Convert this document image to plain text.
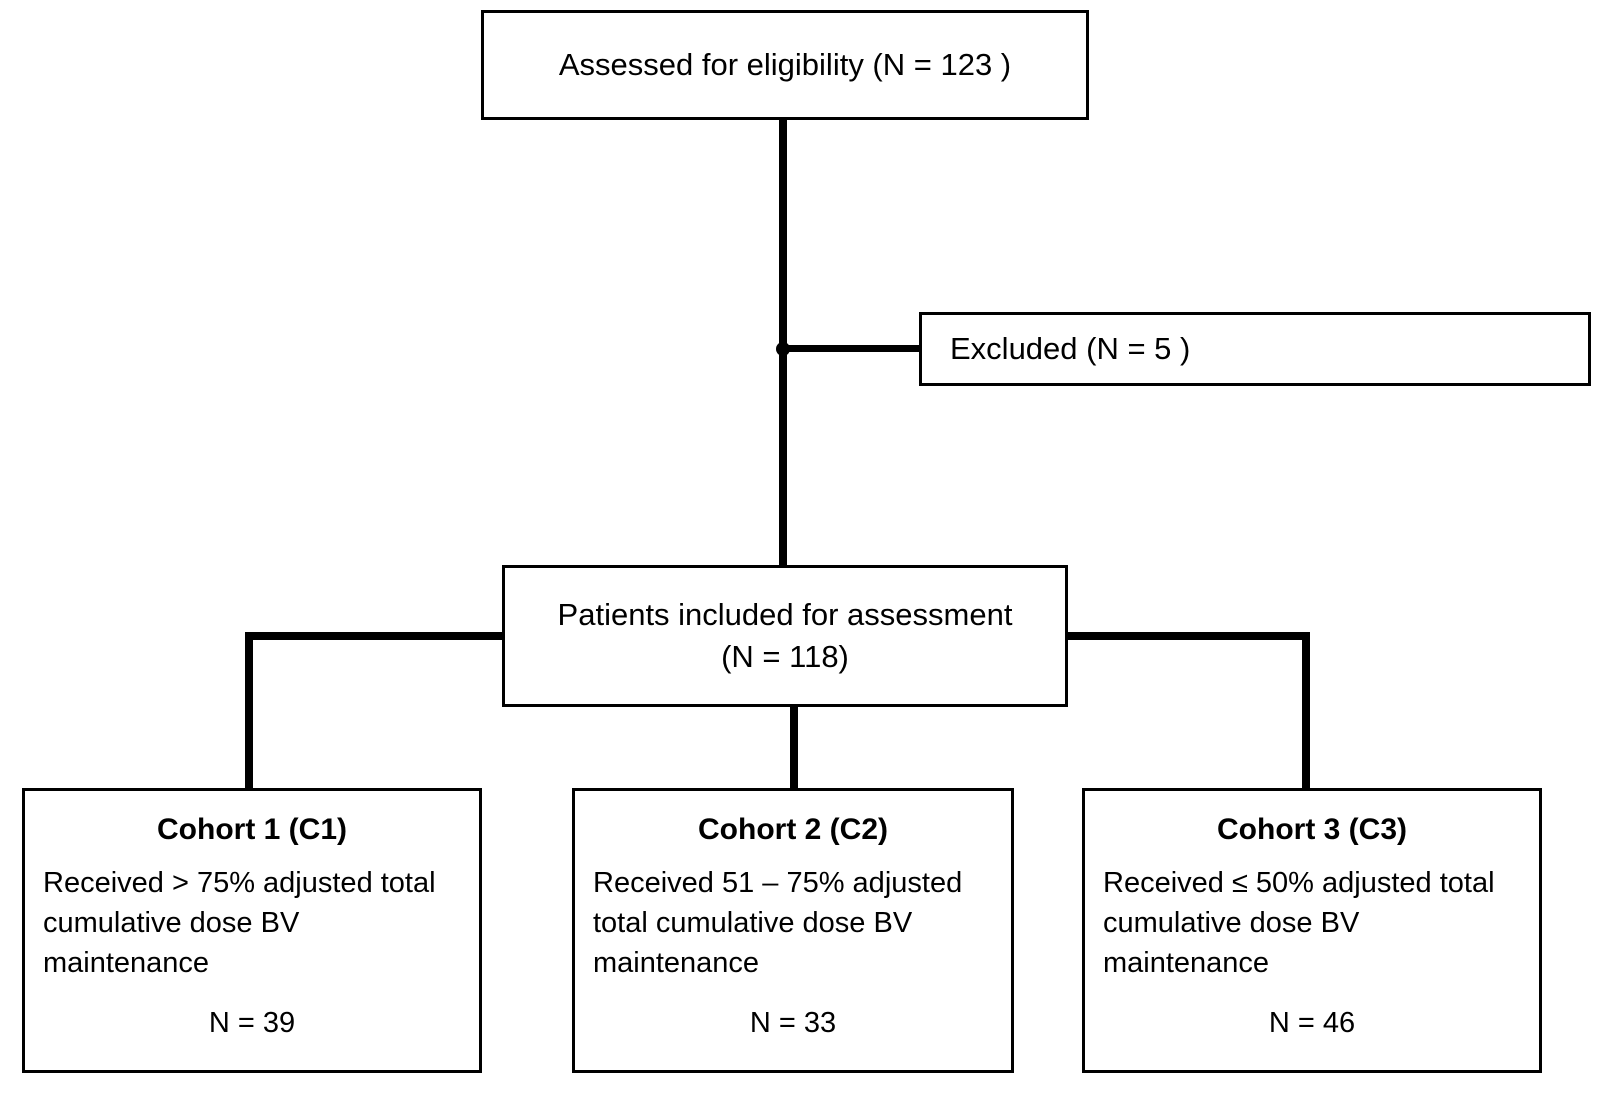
Assessed for eligibility (N = 123 )
Excluded (N = 5 )
Patients included for assessment
(N = 118)
Cohort 1 (C1)
Received > 75% adjusted total cumulative dose BV maintenance
N = 39
Cohort 2 (C2)
Received 51 – 75% adjusted total cumulative dose BV maintenance
N = 33
Cohort 3 (C3)
Received ≤ 50% adjusted total cumulative dose BV maintenance
N = 46
